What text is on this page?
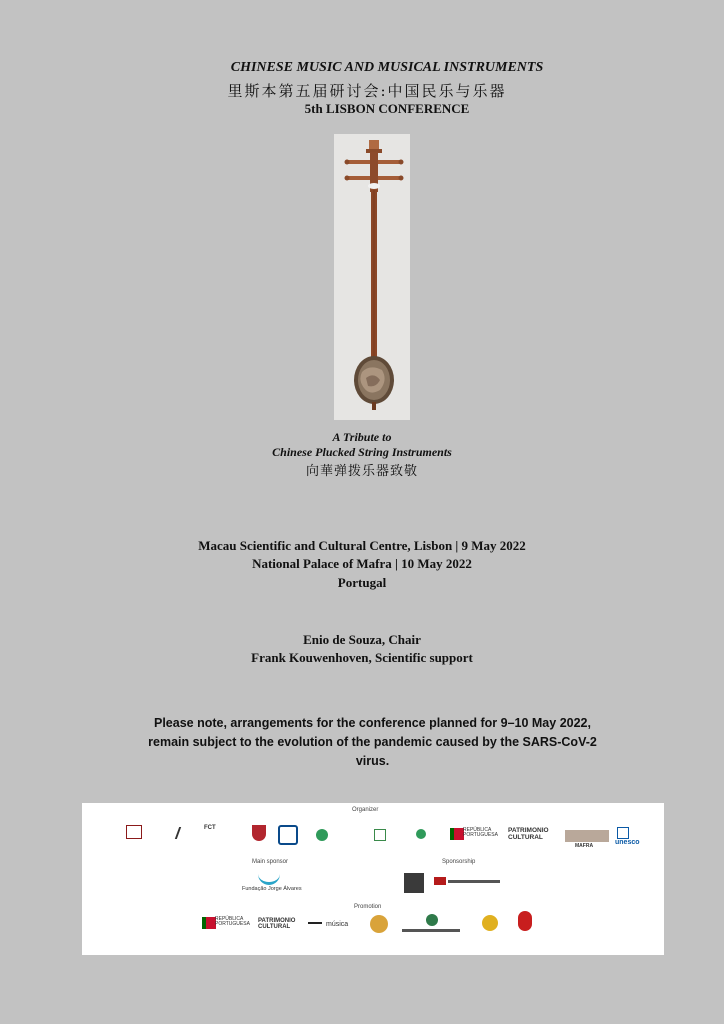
CHINESE MUSIC AND MUSICAL INSTRUMENTS
里斯本第五届研讨会:中国民乐与乐器
5th LISBON CONFERENCE
A Tribute to
Chinese Plucked String Instruments
向華弹拨乐器致敬
Macau Scientific and Cultural Centre, Lisbon | 9 May 2022
National Palace of Mafra | 10 May 2022
Portugal
Enio de Souza, Chair
Frank Kouwenhoven, Scientific support
Please note, arrangements for the conference planned for 9–10 May 2022, remain subject to the evolution of the pandemic caused by the SARS-CoV-2 virus.
Organizer
FCT	REPÚBLICA PORTUGUESA
PATRIMONIO CULTURAL
MAFRA	unesco
Main sponsor	Sponsorship
Fundação Jorge Álvares
Promotion
REPÚBLICA PORTUGUESA
PATRIMONIO CULTURAL	música
